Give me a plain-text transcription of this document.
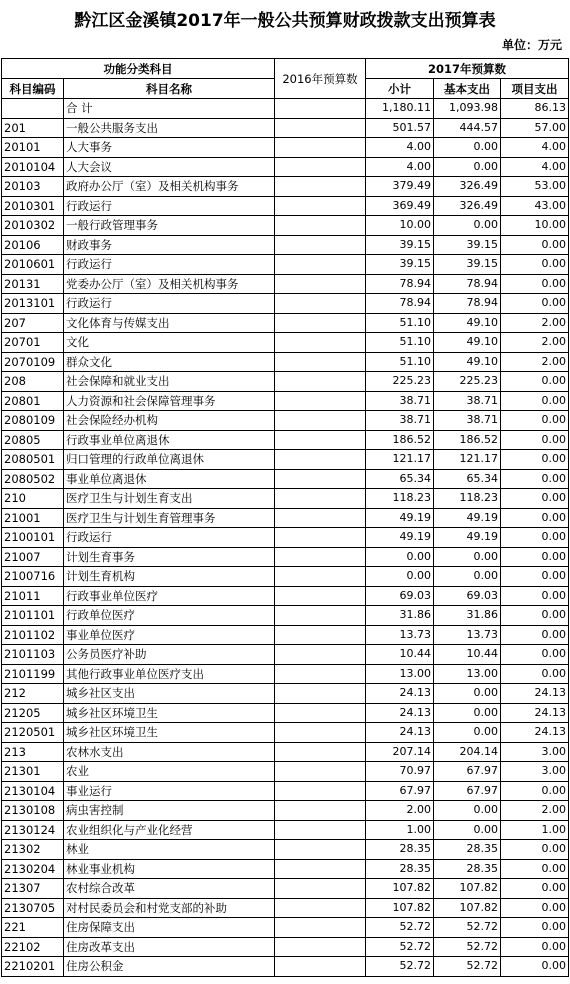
黔江区金溪镇2017年一般公共预算财政拨款支出预算表
单位：万元
功能分类科目		2016年预算数	2017年预算数		
科目编码	科目名称		小计	基本支出	项目支出
	合 计		1,180.11	1,093.98	86.13
201	一般公共服务支出		501.57	444.57	57.00
20101	人大事务		4.00	0.00	4.00
2010104	人大会议		4.00	0.00	4.00
20103	政府办公厅（室）及相关机构事务		379.49	326.49	53.00
2010301	行政运行		369.49	326.49	43.00
2010302	一般行政管理事务		10.00	0.00	10.00
20106	财政事务		39.15	39.15	0.00
2010601	行政运行		39.15	39.15	0.00
20131	党委办公厅（室）及相关机构事务		78.94	78.94	0.00
2013101	行政运行		78.94	78.94	0.00
207	文化体育与传媒支出		51.10	49.10	2.00
20701	文化		51.10	49.10	2.00
2070109	群众文化		51.10	49.10	2.00
208	社会保障和就业支出		225.23	225.23	0.00
20801	人力资源和社会保障管理事务		38.71	38.71	0.00
2080109	社会保险经办机构		38.71	38.71	0.00
20805	行政事业单位离退休		186.52	186.52	0.00
2080501	归口管理的行政单位离退休		121.17	121.17	0.00
2080502	事业单位离退休		65.34	65.34	0.00
210	医疗卫生与计划生育支出		118.23	118.23	0.00
21001	医疗卫生与计划生育管理事务		49.19	49.19	0.00
2100101	行政运行		49.19	49.19	0.00
21007	计划生育事务		0.00	0.00	0.00
2100716	计划生育机构		0.00	0.00	0.00
21011	行政事业单位医疗		69.03	69.03	0.00
2101101	行政单位医疗		31.86	31.86	0.00
2101102	事业单位医疗		13.73	13.73	0.00
2101103	公务员医疗补助		10.44	10.44	0.00
2101199	其他行政事业单位医疗支出		13.00	13.00	0.00
212	城乡社区支出		24.13	0.00	24.13
21205	城乡社区环境卫生		24.13	0.00	24.13
2120501	城乡社区环境卫生		24.13	0.00	24.13
213	农林水支出		207.14	204.14	3.00
21301	农业		70.97	67.97	3.00
2130104	事业运行		67.97	67.97	0.00
2130108	病虫害控制		2.00	0.00	2.00
2130124	农业组织化与产业化经营		1.00	0.00	1.00
21302	林业		28.35	28.35	0.00
2130204	林业事业机构		28.35	28.35	0.00
21307	农村综合改革		107.82	107.82	0.00
2130705	对村民委员会和村党支部的补助		107.82	107.82	0.00
221	住房保障支出		52.72	52.72	0.00
22102	住房改革支出		52.72	52.72	0.00
2210201	住房公积金		52.72	52.72	0.00
